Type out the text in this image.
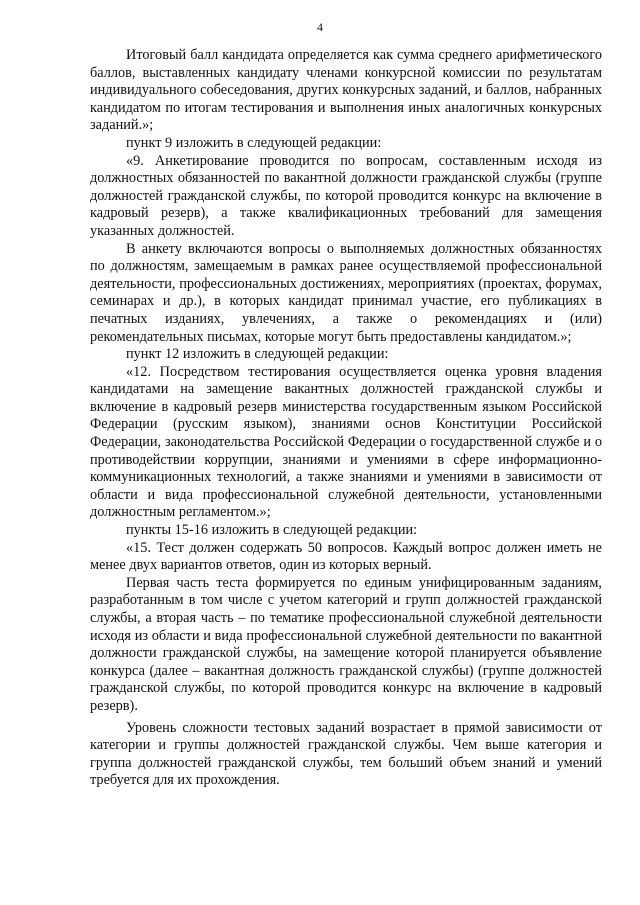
4

Итоговый балл кандидата определяется как сумма среднего арифметического баллов, выставленных кандидату членами конкурсной комиссии по результатам индивидуального собеседования, других конкурсных заданий, и баллов, набранных кандидатом по итогам тестирования и выполнения иных аналогичных конкурсных заданий.»;

пункт 9 изложить в следующей редакции:

«9. Анкетирование проводится по вопросам, составленным исходя из должностных обязанностей по вакантной должности гражданской службы (группе должностей гражданской службы, по которой проводится конкурс на включение в кадровый резерв), а также квалификационных требований для замещения указанных должностей.

В анкету включаются вопросы о выполняемых должностных обязанностях по должностям, замещаемым в рамках ранее осуществляемой профессиональной деятельности, профессиональных достижениях, мероприятиях (проектах, форумах, семинарах и др.), в которых кандидат принимал участие, его публикациях в печатных изданиях, увлечениях, а также о рекомендациях и (или) рекомендательных письмах, которые могут быть предоставлены кандидатом.»;

пункт 12 изложить в следующей редакции:

«12. Посредством тестирования осуществляется оценка уровня владения кандидатами на замещение вакантных должностей гражданской службы и включение в кадровый резерв министерства государственным языком Российской Федерации (русским языком), знаниями основ Конституции Российской Федерации, законодательства Российской Федерации о государственной службе и о противодействии коррупции, знаниями и умениями в сфере информационно-коммуникационных технологий, а также знаниями и умениями в зависимости от области и вида профессиональной служебной деятельности, установленными должностным регламентом.»;

пункты 15-16 изложить в следующей редакции:

«15. Тест должен содержать 50 вопросов. Каждый вопрос должен иметь не менее двух вариантов ответов, один из которых верный.

Первая часть теста формируется по единым унифицированным заданиям, разработанным в том числе с учетом категорий и групп должностей гражданской службы, а вторая часть – по тематике профессиональной служебной деятельности исходя из области и вида профессиональной служебной деятельности по вакантной должности гражданской службы, на замещение которой планируется объявление конкурса (далее – вакантная должность гражданской службы) (группе должностей гражданской службы, по которой проводится конкурс на включение в кадровый резерв).

Уровень сложности тестовых заданий возрастает в прямой зависимости от категории и группы должностей гражданской службы. Чем выше категория и группа должностей гражданской службы, тем больший объем знаний и умений требуется для их прохождения.
